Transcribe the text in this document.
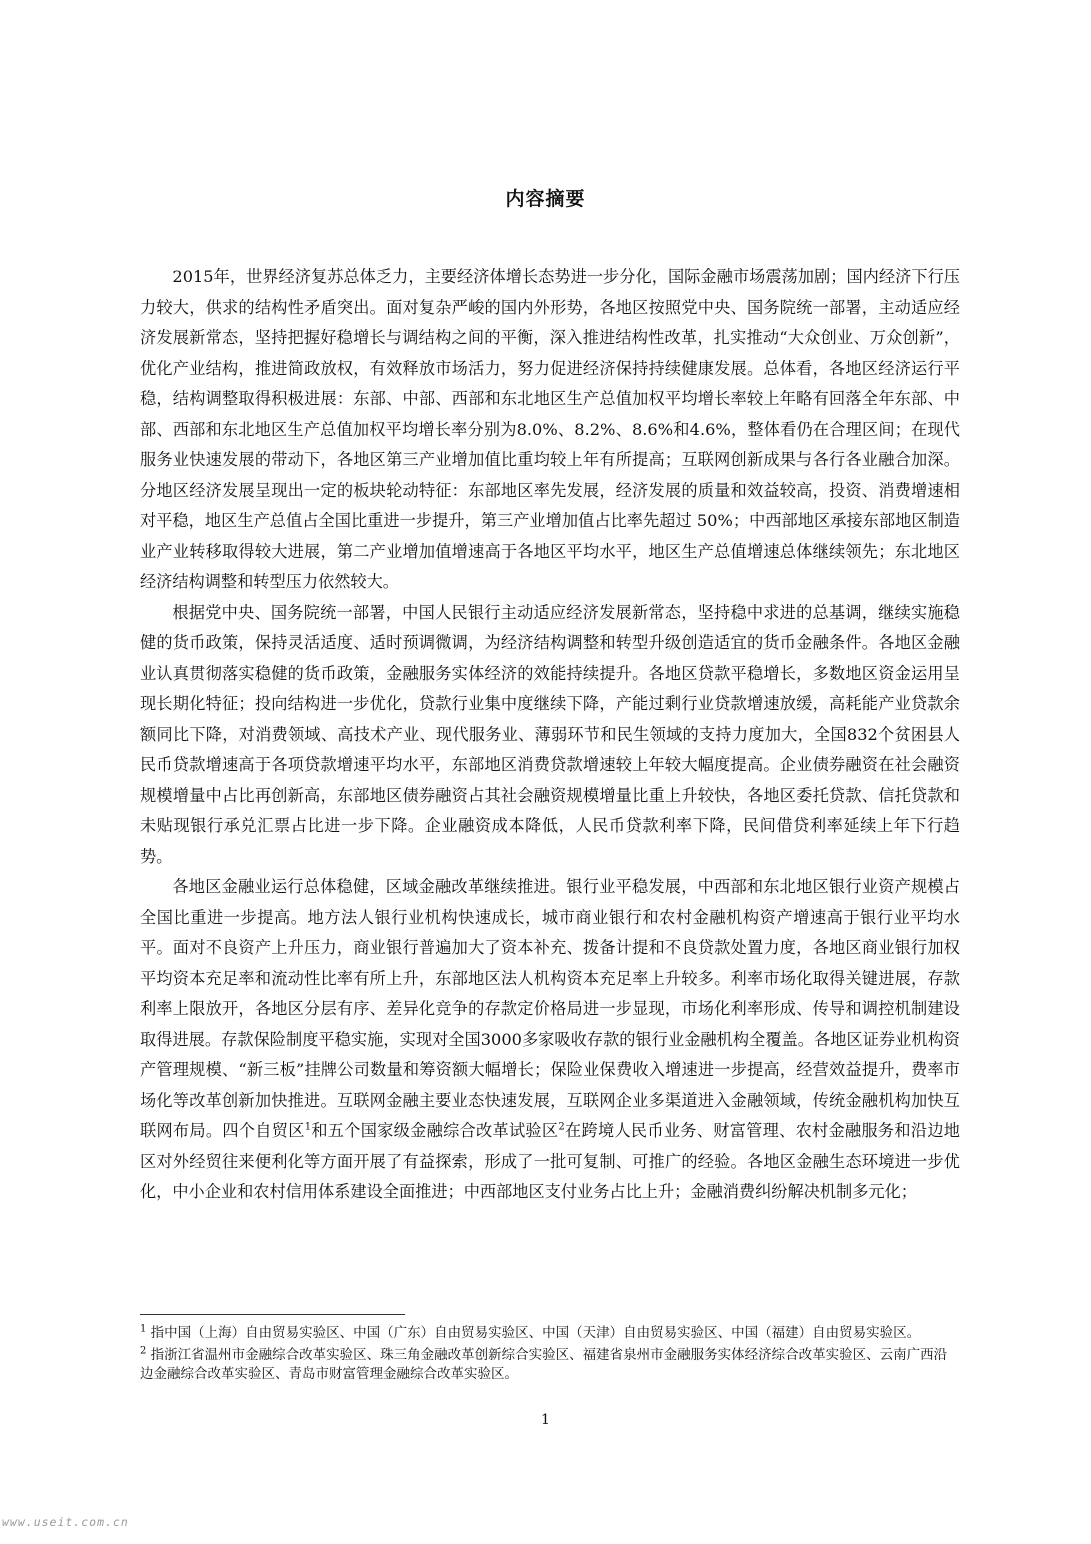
内容摘要

2015年，世界经济复苏总体乏力，主要经济体增长态势进一步分化，国际金融市场震荡加剧；国内经济下行压力较大，供求的结构性矛盾突出。面对复杂严峻的国内外形势，各地区按照党中央、国务院统一部署，主动适应经济发展新常态，坚持把握好稳增长与调结构之间的平衡，深入推进结构性改革，扎实推动“大众创业、万众创新”，优化产业结构，推进简政放权，有效释放市场活力，努力促进经济保持持续健康发展。总体看，各地区经济运行平稳，结构调整取得积极进展：东部、中部、西部和东北地区生产总值加权平均增长率较上年略有回落全年东部、中部、西部和东北地区生产总值加权平均增长率分别为8.0%、8.2%、8.6%和4.6%，整体看仍在合理区间；在现代服务业快速发展的带动下，各地区第三产业增加值比重均较上年有所提高；互联网创新成果与各行各业融合加深。分地区经济发展呈现出一定的板块轮动特征：东部地区率先发展，经济发展的质量和效益较高，投资、消费增速相对平稳，地区生产总值占全国比重进一步提升，第三产业增加值占比率先超过 50%；中西部地区承接东部地区制造业产业转移取得较大进展，第二产业增加值增速高于各地区平均水平，地区生产总值增速总体继续领先；东北地区经济结构调整和转型压力依然较大。

根据党中央、国务院统一部署，中国人民银行主动适应经济发展新常态，坚持稳中求进的总基调，继续实施稳健的货币政策，保持灵活适度、适时预调微调，为经济结构调整和转型升级创造适宜的货币金融条件。各地区金融业认真贯彻落实稳健的货币政策，金融服务实体经济的效能持续提升。各地区贷款平稳增长，多数地区资金运用呈现长期化特征；投向结构进一步优化，贷款行业集中度继续下降，产能过剩行业贷款增速放缓，高耗能产业贷款余额同比下降，对消费领域、高技术产业、现代服务业、薄弱环节和民生领域的支持力度加大，全国832个贫困县人民币贷款增速高于各项贷款增速平均水平，东部地区消费贷款增速较上年较大幅度提高。企业债券融资在社会融资规模增量中占比再创新高，东部地区债券融资占其社会融资规模增量比重上升较快，各地区委托贷款、信托贷款和未贴现银行承兑汇票占比进一步下降。企业融资成本降低，人民币贷款利率下降，民间借贷利率延续上年下行趋势。

各地区金融业运行总体稳健，区域金融改革继续推进。银行业平稳发展，中西部和东北地区银行业资产规模占全国比重进一步提高。地方法人银行业机构快速成长，城市商业银行和农村金融机构资产增速高于银行业平均水平。面对不良资产上升压力，商业银行普遍加大了资本补充、拨备计提和不良贷款处置力度，各地区商业银行加权平均资本充足率和流动性比率有所上升，东部地区法人机构资本充足率上升较多。利率市场化取得关键进展，存款利率上限放开，各地区分层有序、差异化竞争的存款定价格局进一步显现，市场化利率形成、传导和调控机制建设取得进展。存款保险制度平稳实施，实现对全国3000多家吸收存款的银行业金融机构全覆盖。各地区证券业机构资产管理规模、“新三板”挂牌公司数量和筹资额大幅增长；保险业保费收入增速进一步提高，经营效益提升，费率市场化等改革创新加快推进。互联网金融主要业态快速发展，互联网企业多渠道进入金融领域，传统金融机构加快互联网布局。四个自贸区$^1$和五个国家级金融综合改革试验区$^2$在跨境人民币业务、财富管理、农村金融服务和沿边地区对外经贸往来便利化等方面开展了有益探索，形成了一批可复制、可推广的经验。各地区金融生态环境进一步优化，中小企业和农村信用体系建设全面推进；中西部地区支付业务占比上升；金融消费纠纷解决机制多元化；

$^1$ 指中国（上海）自由贸易实验区、中国（广东）自由贸易实验区、中国（天津）自由贸易实验区、中国（福建）自由贸易实验区。
$^2$ 指浙江省温州市金融综合改革实验区、珠三角金融改革创新综合实验区、福建省泉州市金融服务实体经济综合改革实验区、云南广西沿边金融综合改革实验区、青岛市财富管理金融综合改革实验区。
1
www.useit.com.cn
